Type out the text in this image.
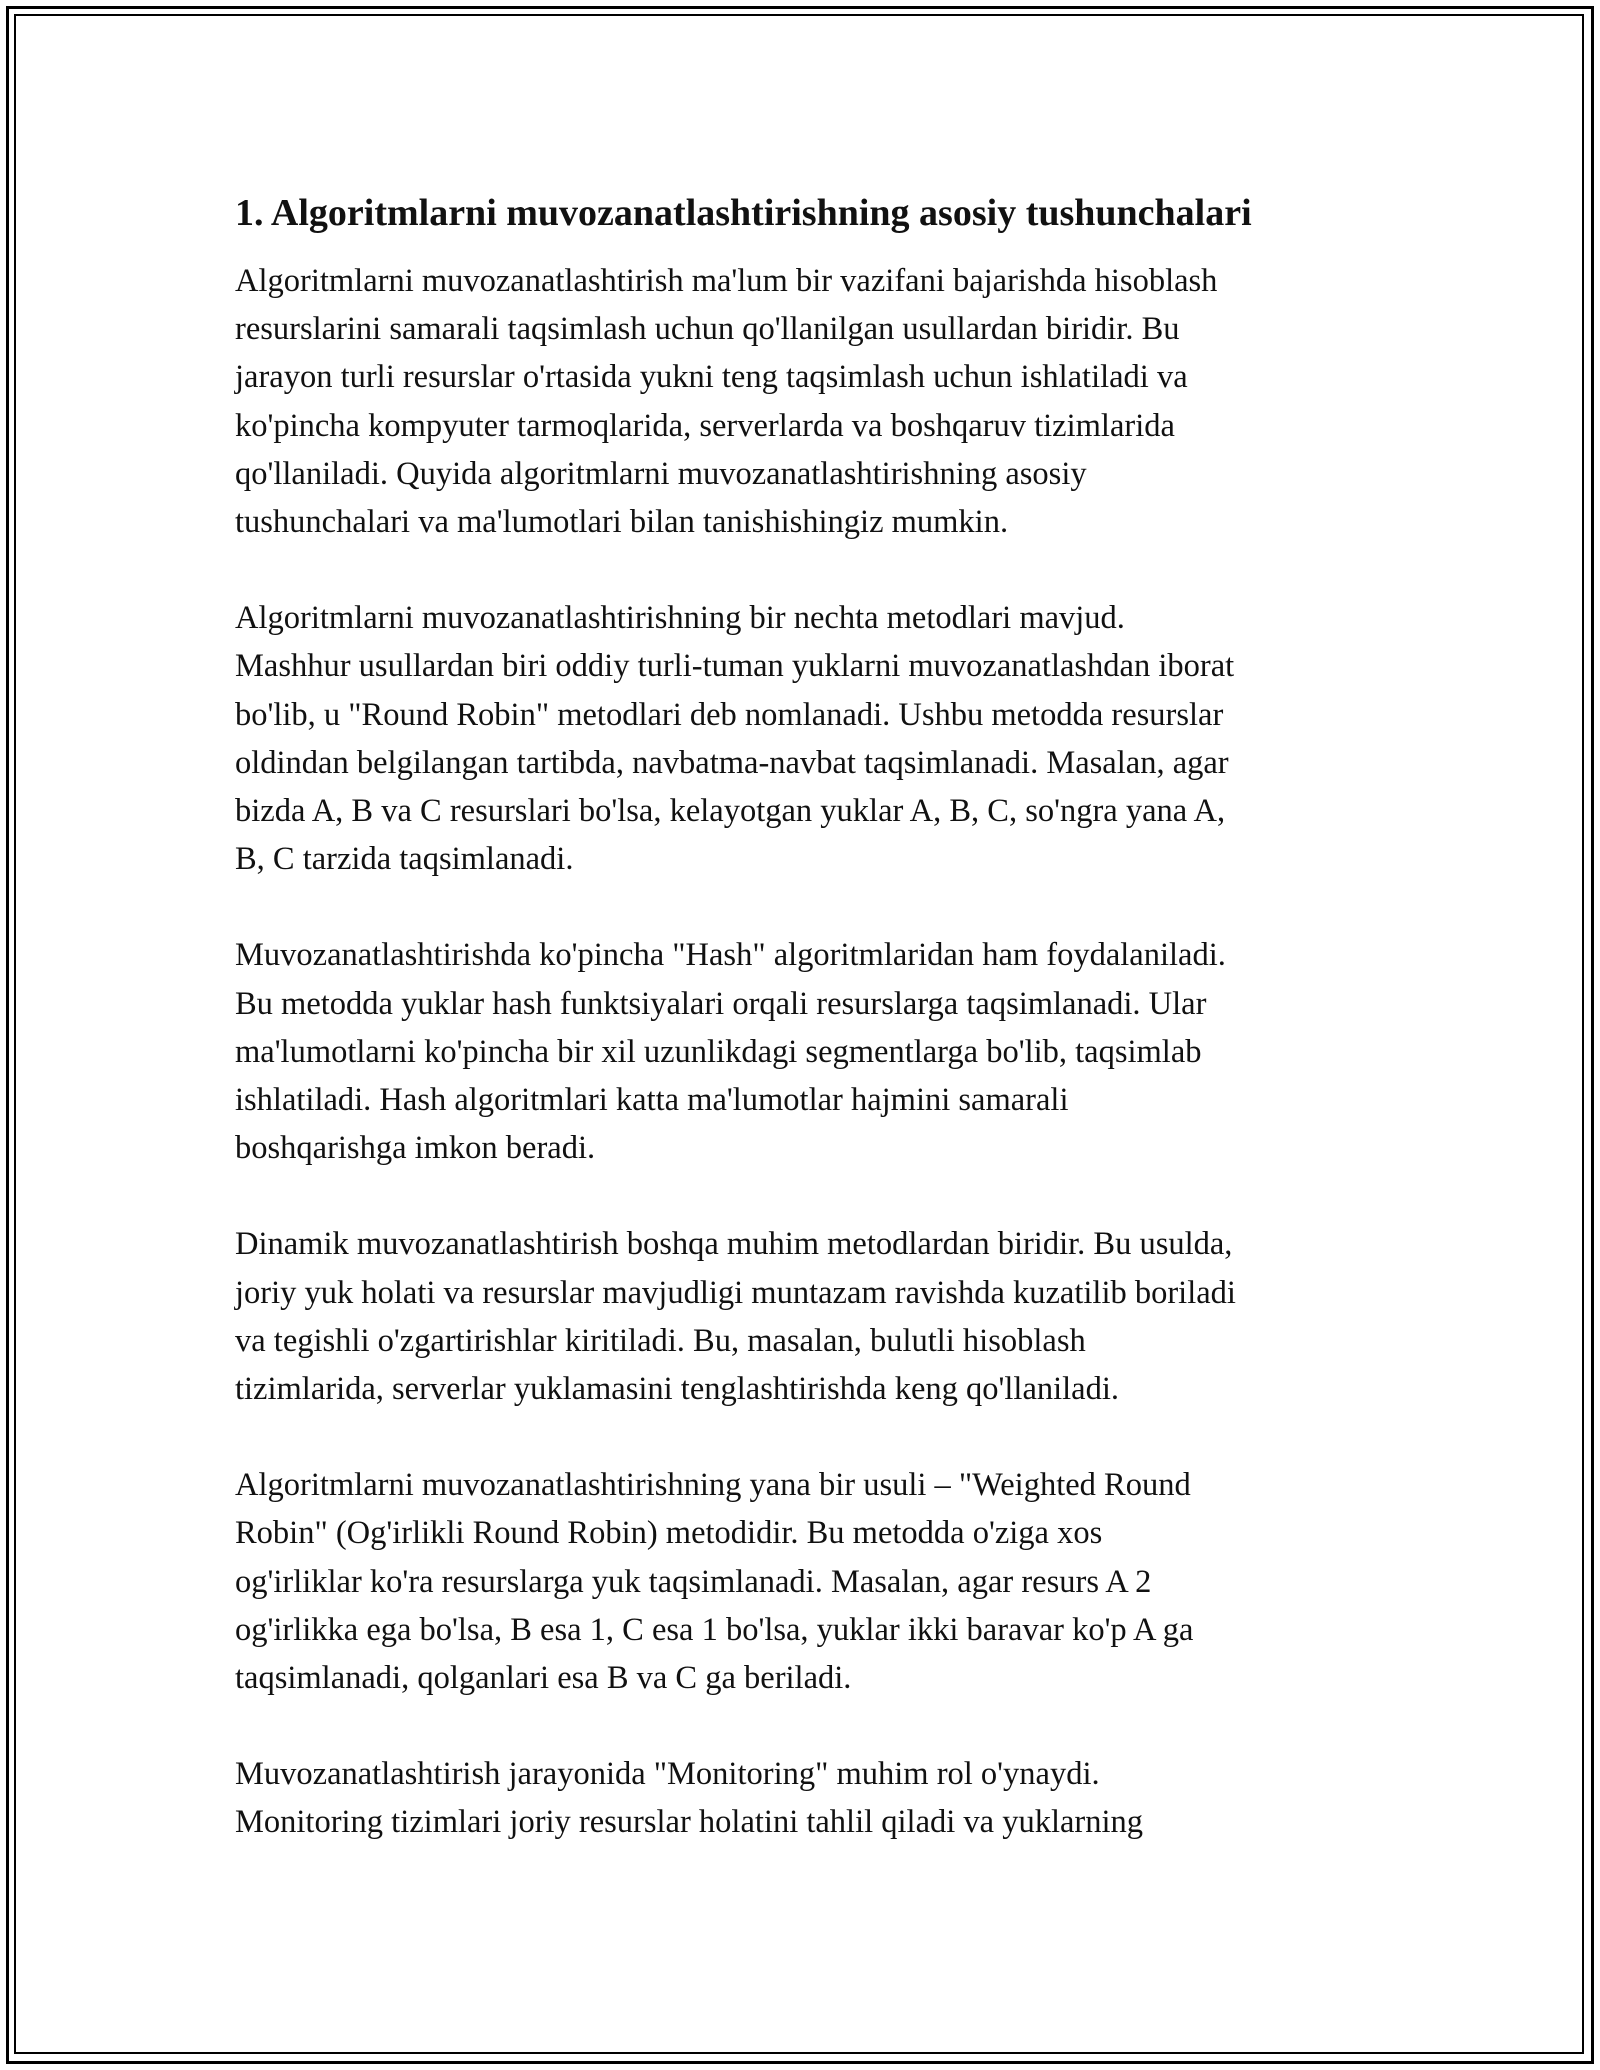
1. Algoritmlarni muvozanatlashtirishning asosiy tushunchalari

Algoritmlarni muvozanatlashtirish ma'lum bir vazifani bajarishda hisoblash
resurslarini samarali taqsimlash uchun qo'llanilgan usullardan biridir. Bu
jarayon turli resurslar o'rtasida yukni teng taqsimlash uchun ishlatiladi va
ko'pincha kompyuter tarmoqlarida, serverlarda va boshqaruv tizimlarida
qo'llaniladi. Quyida algoritmlarni muvozanatlashtirishning asosiy
tushunchalari va ma'lumotlari bilan tanishishingiz mumkin.

Algoritmlarni muvozanatlashtirishning bir nechta metodlari mavjud.
Mashhur usullardan biri oddiy turli-tuman yuklarni muvozanatlashdan iborat
bo'lib, u "Round Robin" metodlari deb nomlanadi. Ushbu metodda resurslar
oldindan belgilangan tartibda, navbatma-navbat taqsimlanadi. Masalan, agar
bizda A, B va C resurslari bo'lsa, kelayotgan yuklar A, B, C, so'ngra yana A,
B, C tarzida taqsimlanadi.

Muvozanatlashtirishda ko'pincha "Hash" algoritmlaridan ham foydalaniladi.
Bu metodda yuklar hash funktsiyalari orqali resurslarga taqsimlanadi. Ular
ma'lumotlarni ko'pincha bir xil uzunlikdagi segmentlarga bo'lib, taqsimlab
ishlatiladi. Hash algoritmlari katta ma'lumotlar hajmini samarali
boshqarishga imkon beradi.

Dinamik muvozanatlashtirish boshqa muhim metodlardan biridir. Bu usulda,
joriy yuk holati va resurslar mavjudligi muntazam ravishda kuzatilib boriladi
va tegishli o'zgartirishlar kiritiladi. Bu, masalan, bulutli hisoblash
tizimlarida, serverlar yuklamasini tenglashtirishda keng qo'llaniladi.

Algoritmlarni muvozanatlashtirishning yana bir usuli – "Weighted Round
Robin" (Og'irlikli Round Robin) metodidir. Bu metodda o'ziga xos
og'irliklar ko'ra resurslarga yuk taqsimlanadi. Masalan, agar resurs A 2
og'irlikka ega bo'lsa, B esa 1, C esa 1 bo'lsa, yuklar ikki baravar ko'p A ga
taqsimlanadi, qolganlari esa B va C ga beriladi.

Muvozanatlashtirish jarayonida "Monitoring" muhim rol o'ynaydi.
Monitoring tizimlari joriy resurslar holatini tahlil qiladi va yuklarning
